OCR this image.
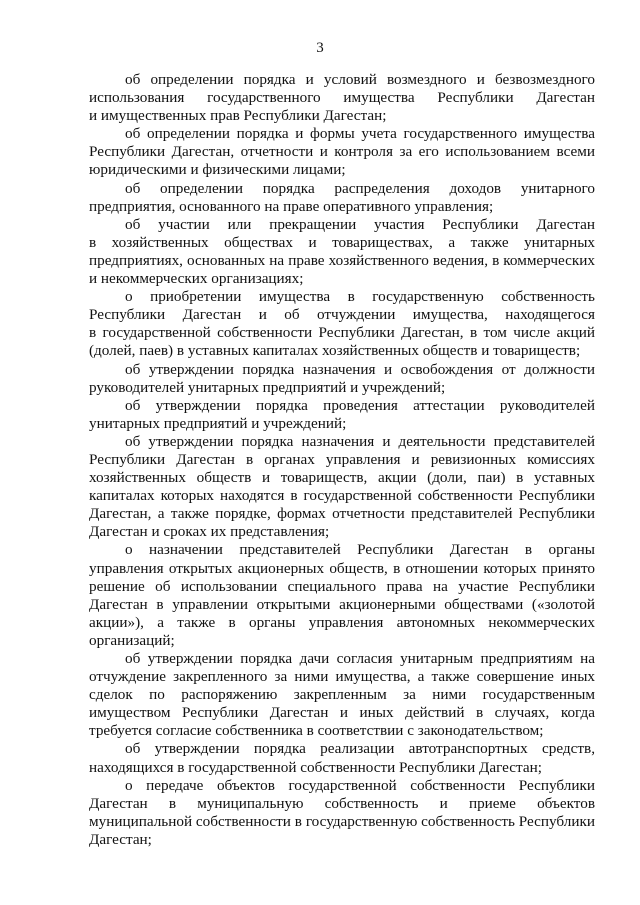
3
об определении порядка и условий возмездного и безвозмездного
использования государственного имущества Республики Дагестан
и имущественных прав Республики Дагестан;
об определении порядка и формы учета государственного имущества
Республики Дагестан, отчетности и контроля за его использованием всеми
юридическими и физическими лицами;
об определении порядка распределения доходов унитарного
предприятия, основанного на праве оперативного управления;
об участии или прекращении участия Республики Дагестан
в хозяйственных обществах и товариществах, а также унитарных
предприятиях, основанных на праве хозяйственного ведения, в коммерческих
и некоммерческих организациях;
о приобретении имущества в государственную собственность
Республики Дагестан и об отчуждении имущества, находящегося
в государственной собственности Республики Дагестан, в том числе акций
(долей, паев) в уставных капиталах хозяйственных обществ и товариществ;
об утверждении порядка назначения и освобождения от должности
руководителей унитарных предприятий и учреждений;
об утверждении порядка проведения аттестации руководителей
унитарных предприятий и учреждений;
об утверждении порядка назначения и деятельности представителей
Республики Дагестан в органах управления и ревизионных комиссиях
хозяйственных обществ и товариществ, акции (доли, паи) в уставных
капиталах которых находятся в государственной собственности Республики
Дагестан, а также порядке, формах отчетности представителей Республики
Дагестан и сроках их представления;
о назначении представителей Республики Дагестан в органы
управления открытых акционерных обществ, в отношении которых принято
решение об использовании специального права на участие Республики
Дагестан в управлении открытыми акционерными обществами («золотой
акции»), а также в органы управления автономных некоммерческих
организаций;
об утверждении порядка дачи согласия унитарным предприятиям на
отчуждение закрепленного за ними имущества, а также совершение иных
сделок по распоряжению закрепленным за ними государственным
имуществом Республики Дагестан и иных действий в случаях, когда
требуется согласие собственника в соответствии с законодательством;
об утверждении порядка реализации автотранспортных средств,
находящихся в государственной собственности Республики Дагестан;
о передаче объектов государственной собственности Республики
Дагестан в муниципальную собственность и приеме объектов
муниципальной собственности в государственную собственность Республики
Дагестан;
